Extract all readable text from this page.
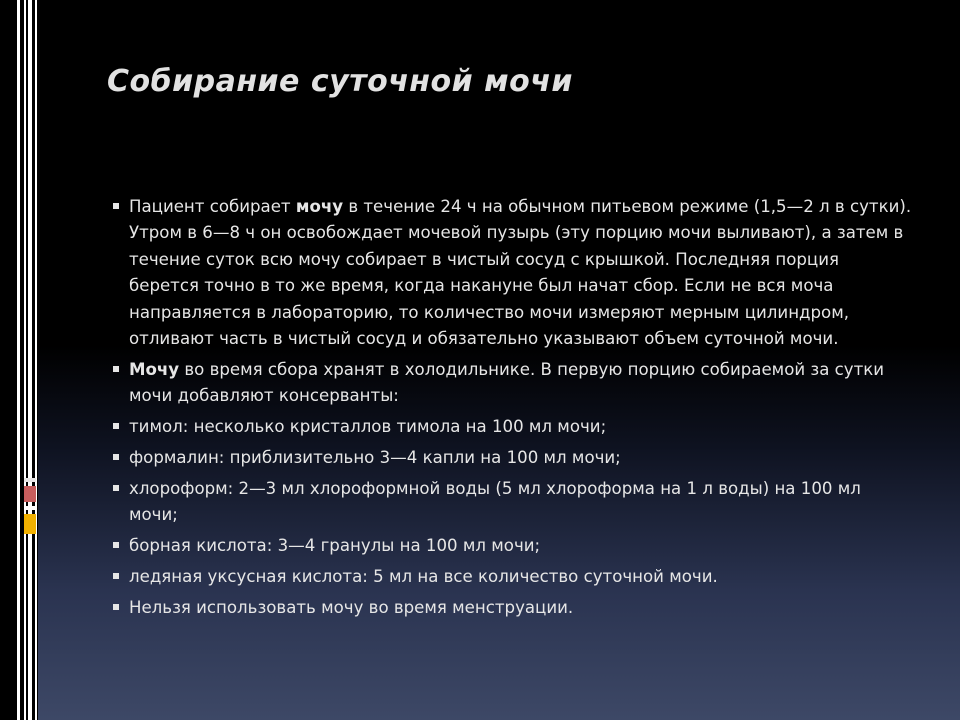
Собирание суточной мочи
Пациент собирает мочу в течение 24 ч на обычном питьевом режиме (1,5—2 л в сутки). Утром в 6—8 ч он освобождает мочевой пузырь (эту порцию мочи выливают), а затем в течение суток всю мочу собирает в чистый сосуд с крышкой. Последняя порция берется точно в то же время, когда накануне был начат сбор. Если не вся моча направляется в лабораторию, то количество мочи измеряют мерным цилиндром, отливают часть в чистый сосуд и обязательно указывают объем суточной мочи.
Мочу во время сбора хранят в холодильнике. В первую порцию собираемой за сутки мочи добавляют консерванты:
тимол: несколько кристаллов тимола на 100 мл мочи;
формалин: приблизительно 3—4 капли на 100 мл мочи;
хлороформ: 2—3 мл хлороформной воды (5 мл хлороформа на 1 л воды) на 100 мл мочи;
борная кислота: 3—4 гранулы на 100 мл мочи;
ледяная уксусная кислота: 5 мл на все количество суточной мочи.
Нельзя использовать мочу во время менструации.
